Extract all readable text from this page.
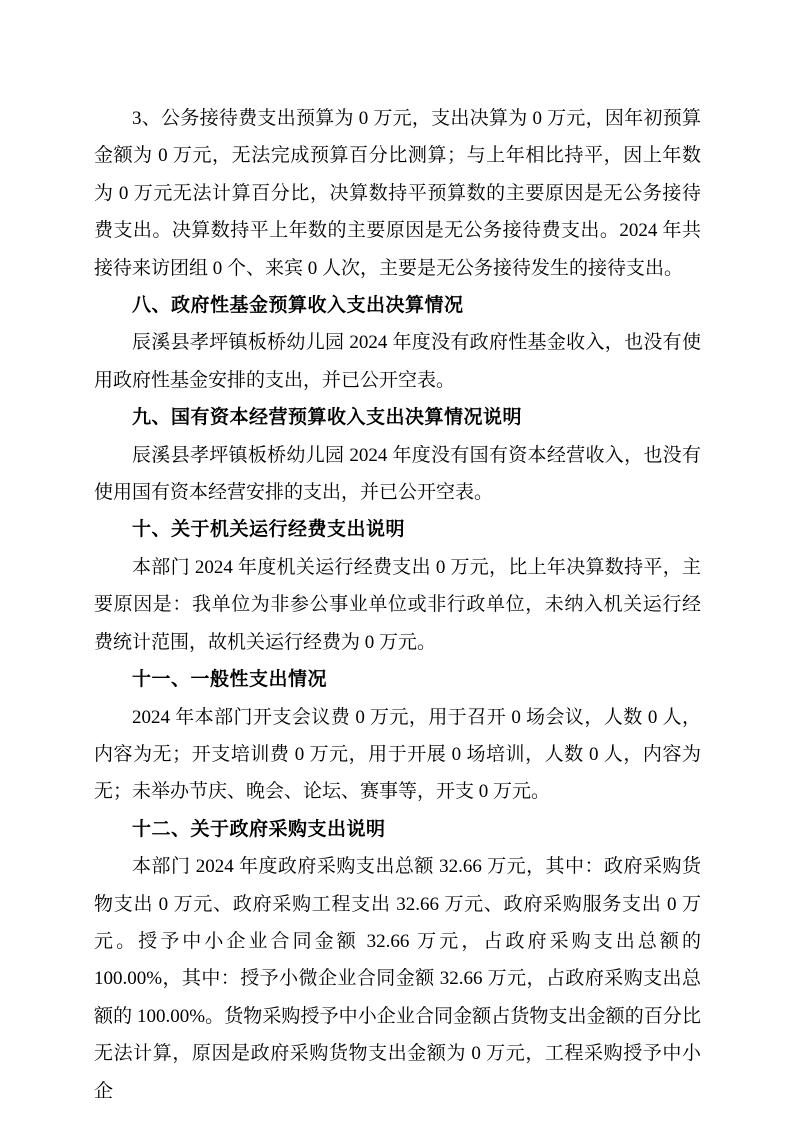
3、公务接待费支出预算为 0 万元，支出决算为 0 万元，因年初预算金额为 0 万元，无法完成预算百分比测算；与上年相比持平，因上年数为 0 万元无法计算百分比，决算数持平预算数的主要原因是无公务接待费支出。决算数持平上年数的主要原因是无公务接待费支出。2024 年共接待来访团组 0 个、来宾 0 人次，主要是无公务接待发生的接待支出。

八、政府性基金预算收入支出决算情况

辰溪县孝坪镇板桥幼儿园 2024 年度没有政府性基金收入，也没有使用政府性基金安排的支出，并已公开空表。

九、国有资本经营预算收入支出决算情况说明

辰溪县孝坪镇板桥幼儿园 2024 年度没有国有资本经营收入，也没有使用国有资本经营安排的支出，并已公开空表。

十、关于机关运行经费支出说明

本部门 2024 年度机关运行经费支出 0 万元，比上年决算数持平，主要原因是：我单位为非参公事业单位或非行政单位，未纳入机关运行经费统计范围，故机关运行经费为 0 万元。

十一、一般性支出情况

2024 年本部门开支会议费 0 万元，用于召开 0 场会议，人数 0 人，内容为无；开支培训费 0 万元，用于开展 0 场培训，人数 0 人，内容为无；未举办节庆、晚会、论坛、赛事等，开支 0 万元。

十二、关于政府采购支出说明

本部门 2024 年度政府采购支出总额 32.66 万元，其中：政府采购货物支出 0 万元、政府采购工程支出 32.66 万元、政府采购服务支出 0 万元。授予中小企业合同金额 32.66 万元，占政府采购支出总额的 100.00%，其中：授予小微企业合同金额 32.66 万元，占政府采购支出总额的 100.00%。货物采购授予中小企业合同金额占货物支出金额的百分比无法计算，原因是政府采购货物支出金额为 0 万元，工程采购授予中小企
